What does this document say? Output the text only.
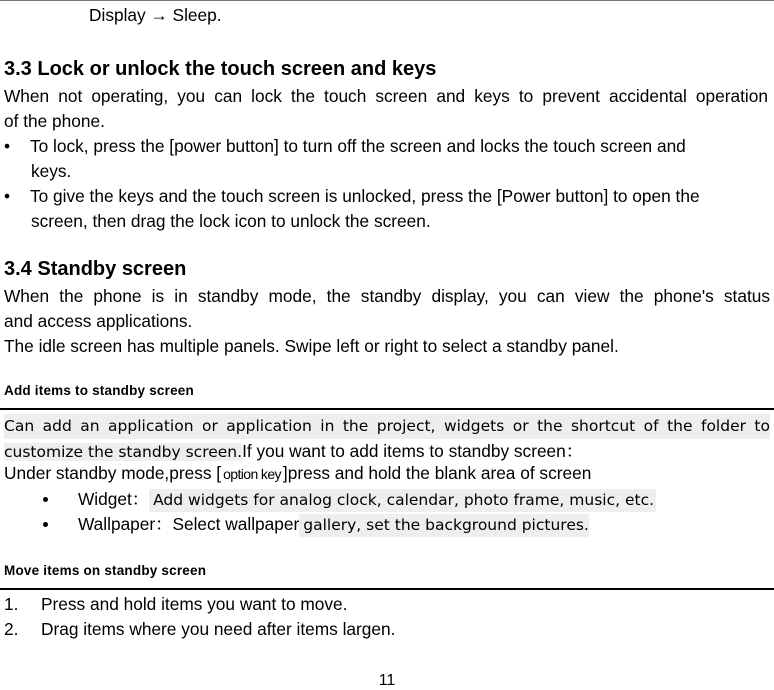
Display → Sleep.
3.3 Lock or unlock the touch screen and keys
When not operating, you can lock the touch screen and keys to prevent accidental operation
of the phone.
• To lock, press the [power button] to turn off the screen and locks the touch screen and
keys.
• To give the keys and the touch screen is unlocked, press the [Power button] to open the
screen, then drag the lock icon to unlock the screen.
3.4 Standby screen
When the phone is in standby mode, the standby display, you can view the phone's status
and access applications.
The idle screen has multiple panels. Swipe left or right to select a standby panel.
Add items to standby screen
Can add an application or application in the project, widgets or the shortcut of the folder to
customize the standby screen.If you want to add items to standby screen：
Under standby mode,press [ option key ]press and hold the blank area of screen
Widget： Add widgets for analog clock, calendar, photo frame, music, etc.
Wallpaper：Select wallpaper gallery, set the background pictures.
Move items on standby screen
1. Press and hold items you want to move.
2. Drag items where you need after items largen.
11
